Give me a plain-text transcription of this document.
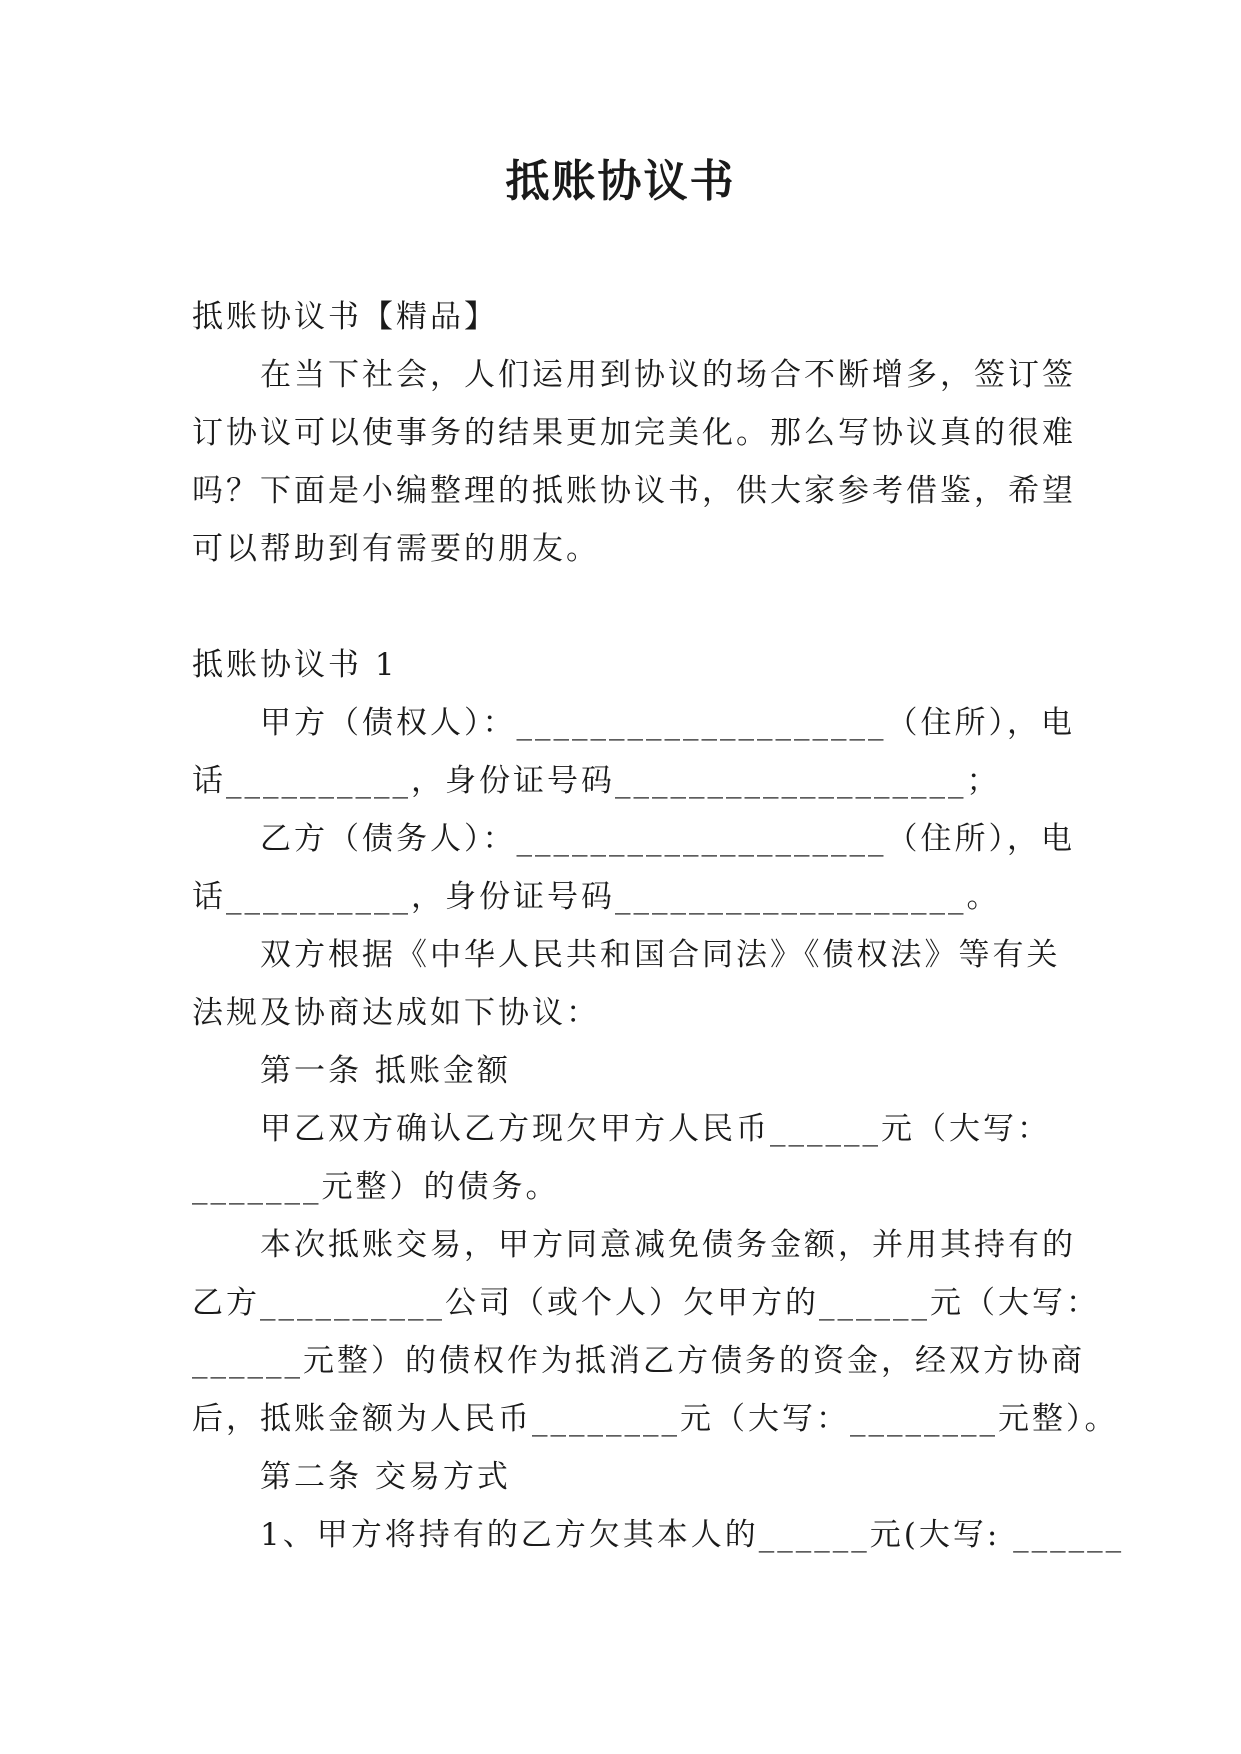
抵账协议书
抵账协议书【精品】
在当下社会，人们运用到协议的场合不断增多，签订签
订协议可以使事务的结果更加完美化。那么写协议真的很难
吗？下面是小编整理的抵账协议书，供大家参考借鉴，希望
可以帮助到有需要的朋友。
抵账协议书 1
甲方（债权人）：____________________（住所），电
话__________，身份证号码___________________；
乙方（债务人）：____________________（住所），电
话__________，身份证号码___________________。
双方根据《中华人民共和国合同法》《债权法》等有关
法规及协商达成如下协议：
第一条 抵账金额
甲乙双方确认乙方现欠甲方人民币______元（大写：
_______元整）的债务。
本次抵账交易，甲方同意减免债务金额，并用其持有的
乙方__________公司（或个人）欠甲方的______元（大写：
______元整）的债权作为抵消乙方债务的资金，经双方协商
后，抵账金额为人民币________元（大写：________元整）。
第二条 交易方式
1、甲方将持有的乙方欠其本人的______元(大写: ______
